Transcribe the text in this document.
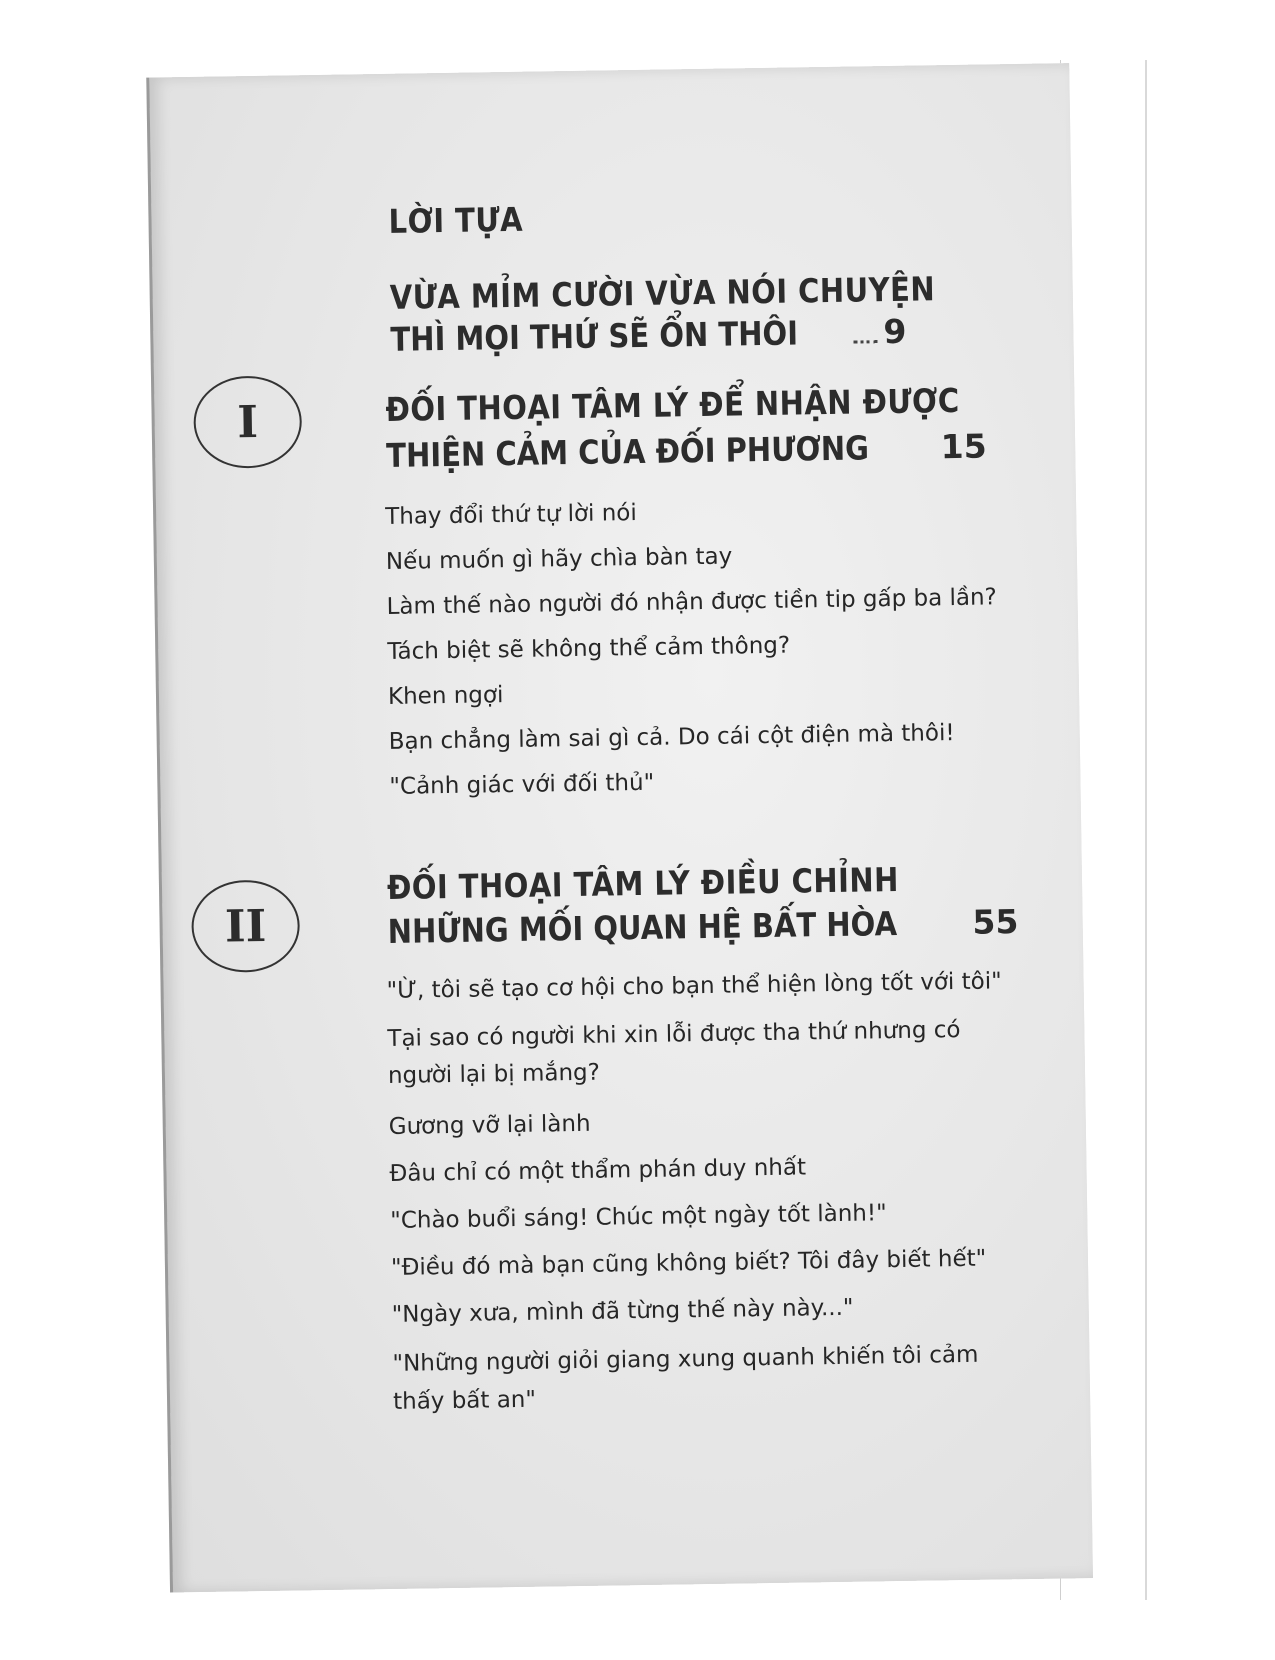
LỜI TỰA
VỪA MỈM CƯỜI VỪA NÓI CHUYỆN
THÌ MỌI THỨ SẼ ỔN THÔI	9
I	ĐỐI THOẠI TÂM LÝ ĐỂ NHẬN ĐƯỢC
THIỆN CẢM CỦA ĐỐI PHƯƠNG 15

Thay đổi thứ tự lời nói

Nếu muốn gì hãy chìa bàn tay

Làm thế nào người đó nhận được tiền tip gấp ba lần?

Tách biệt sẽ không thể cảm thông?

Khen ngợi

Bạn chẳng làm sai gì cả. Do cái cột điện mà thôi!

"Cảnh giác với đối thủ"

II
ĐỐI THOẠI TÂM LÝ ĐIỀU CHỈNH
NHỮNG MỐI QUAN HỆ BẤT HÒA 55

"Ừ, tôi sẽ tạo cơ hội cho bạn thể hiện lòng tốt với tôi"

Tại sao có người khi xin lỗi được tha thứ nhưng có

người lại bị mắng?

Gương vỡ lại lành

Đâu chỉ có một thẩm phán duy nhất

"Chào buổi sáng! Chúc một ngày tốt lành!"

"Điều đó mà bạn cũng không biết? Tôi đây biết hết"

"Ngày xưa, mình đã từng thế này này..."

"Những người giỏi giang xung quanh khiến tôi cảm

thấy bất an"
